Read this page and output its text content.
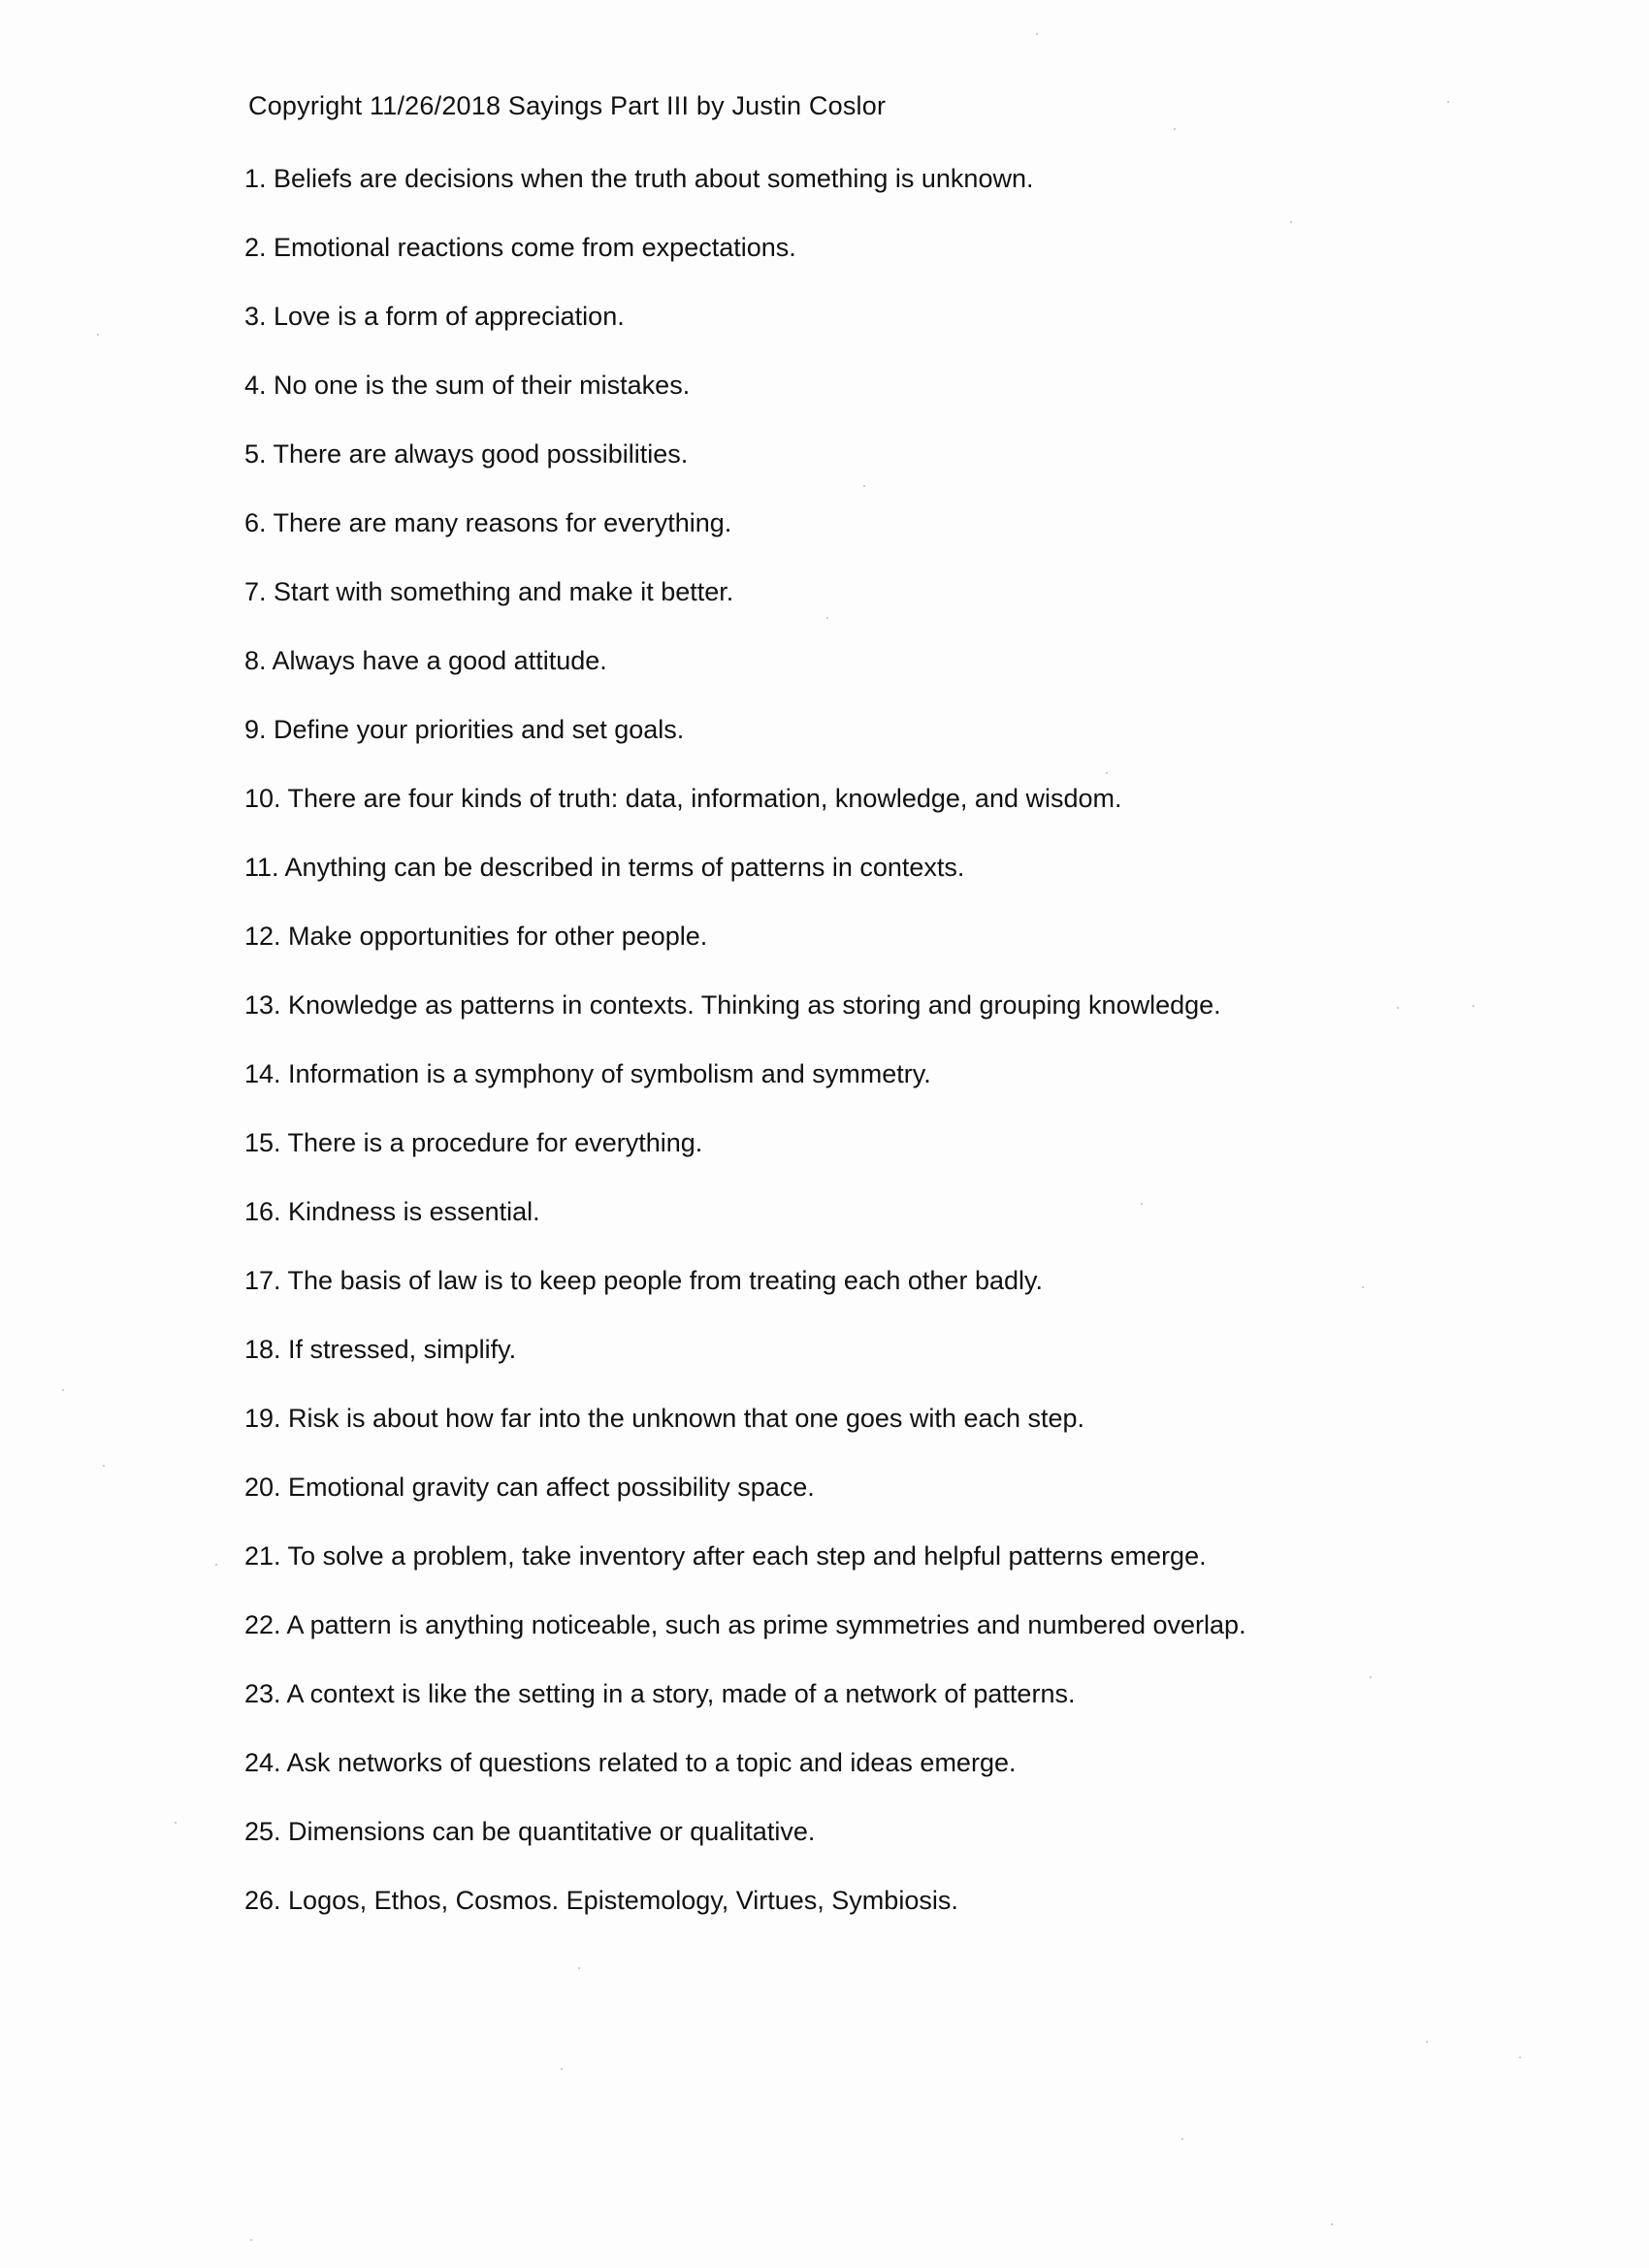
Copyright 11/26/2018 Sayings Part III by Justin Coslor
1. Beliefs are decisions when the truth about something is unknown.
2. Emotional reactions come from expectations.
3. Love is a form of appreciation.
4. No one is the sum of their mistakes.
5. There are always good possibilities.
6. There are many reasons for everything.
7. Start with something and make it better.
8. Always have a good attitude.
9. Define your priorities and set goals.
10. There are four kinds of truth: data, information, knowledge, and wisdom.
11. Anything can be described in terms of patterns in contexts.
12. Make opportunities for other people.
13. Knowledge as patterns in contexts. Thinking as storing and grouping knowledge.
14. Information is a symphony of symbolism and symmetry.
15. There is a procedure for everything.
16. Kindness is essential.
17. The basis of law is to keep people from treating each other badly.
18. If stressed, simplify.
19. Risk is about how far into the unknown that one goes with each step.
20. Emotional gravity can affect possibility space.
21. To solve a problem, take inventory after each step and helpful patterns emerge.
22. A pattern is anything noticeable, such as prime symmetries and numbered overlap.
23. A context is like the setting in a story, made of a network of patterns.
24. Ask networks of questions related to a topic and ideas emerge.
25. Dimensions can be quantitative or qualitative.
26. Logos, Ethos, Cosmos. Epistemology, Virtues, Symbiosis.
